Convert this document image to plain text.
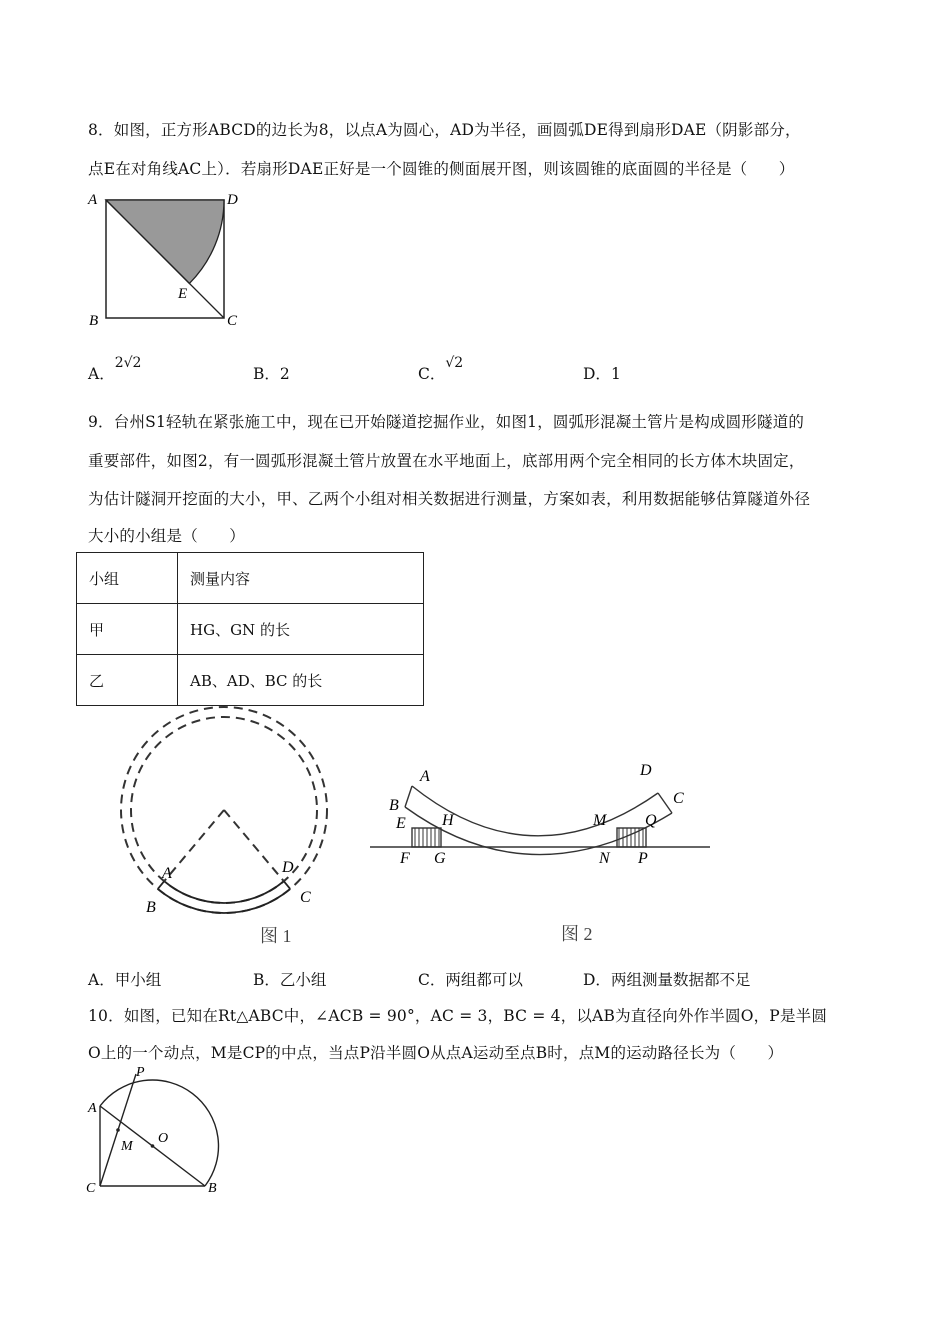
8．如图，正方形ABCD的边长为8，以点A为圆心，AD为半径，画圆弧DE得到扇形DAE（阴影部分，
点E在对角线AC上）．若扇形DAE正好是一个圆锥的侧面展开图，则该圆锥的底面圆的半径是（　　）
A	D
B	C
E
A．2√2
B．2	C．√2
D．1
9．台州S1轻轨在紧张施工中，现在已开始隧道挖掘作业，如图1，圆弧形混凝土管片是构成圆形隧道的
重要部件，如图2，有一圆弧形混凝土管片放置在水平地面上，底部用两个完全相同的长方体木块固定，
为估计隧洞开挖面的大小，甲、乙两个小组对相关数据进行测量，方案如表，利用数据能够估算隧道外径
大小的小组是（　　）
小组	测量内容
甲	HG、GN 的长
乙	AB、AD、BC 的长
A
B
D
C
图 1
A
B
D
C
E H
F G
M Q
N P
图 2
A．甲小组	B．乙小组	C．两组都可以	D．两组测量数据都不足
10．如图，已知在Rt△ABC中，∠ACB = 90°，AC = 3，BC = 4，以AB为直径向外作半圆O，P是半圆
O上的一个动点，M是CP的中点，当点P沿半圆O从点A运动至点B时，点M的运动路径长为（　　）
P
A
M
O
C	B
